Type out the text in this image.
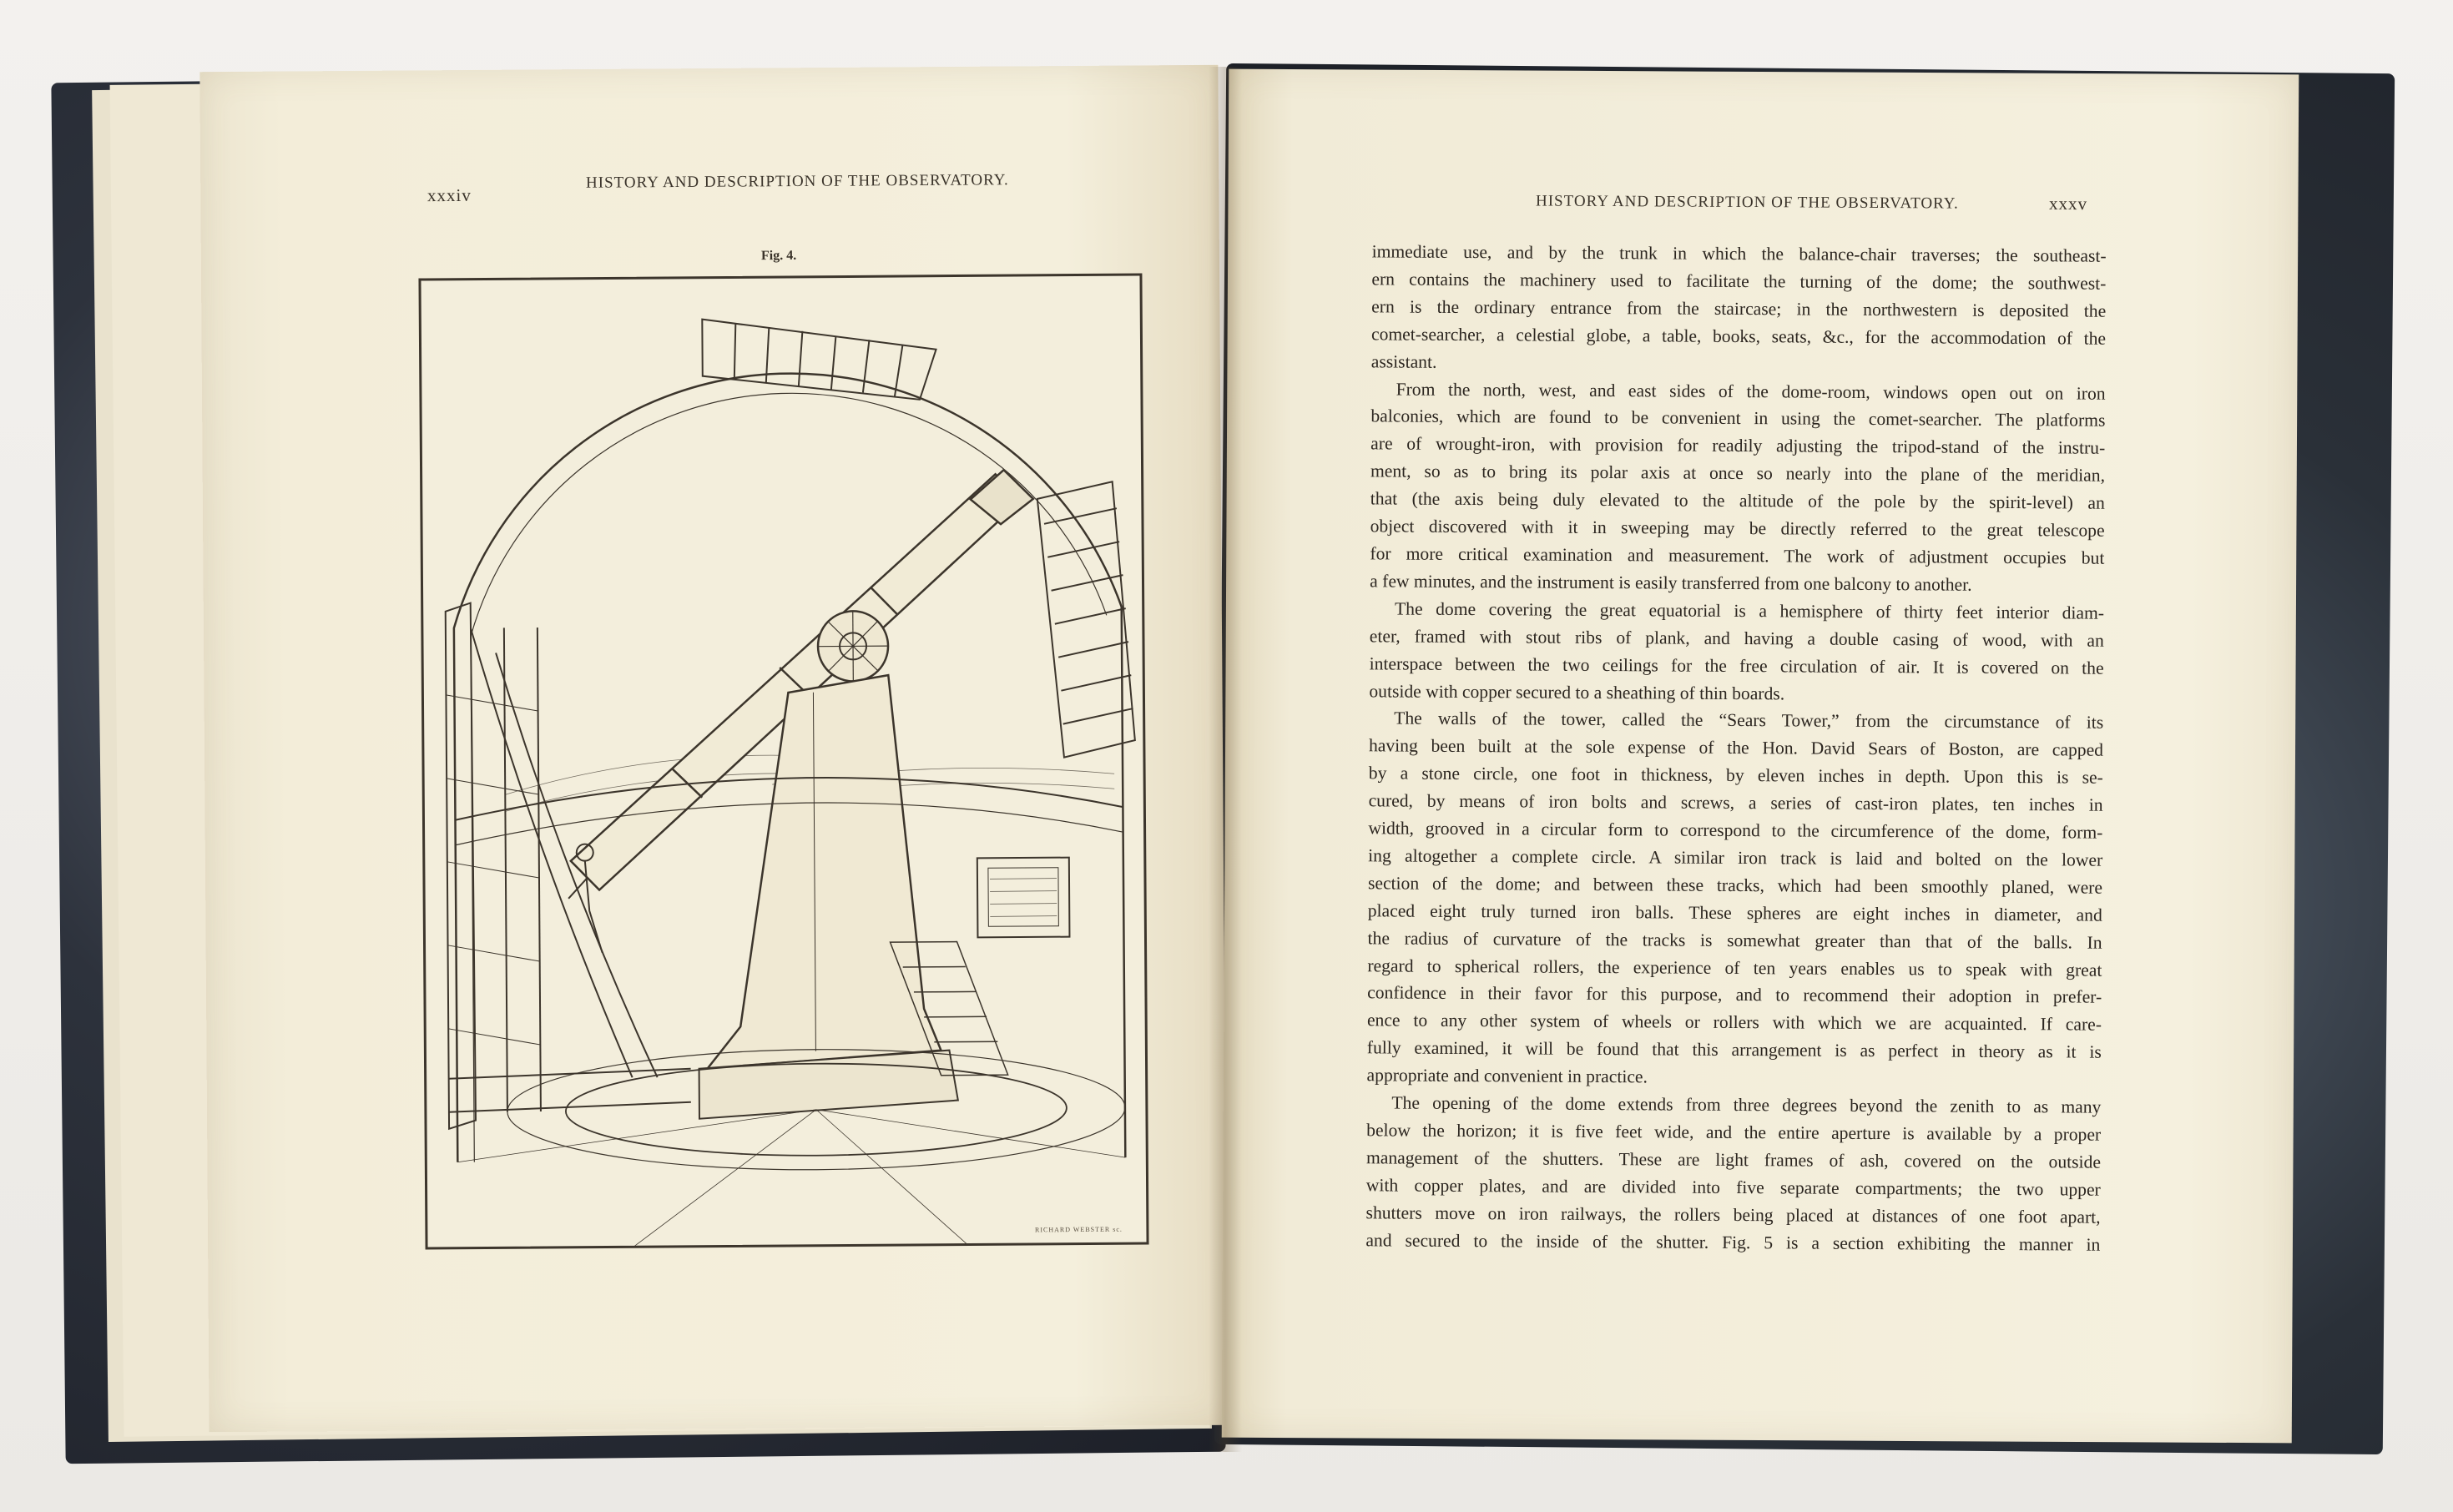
xxxiv
HISTORY AND DESCRIPTION OF THE OBSERVATORY.
Fig. 4.
RICHARD WEBSTER sc.
HISTORY AND DESCRIPTION OF THE OBSERVATORY.	xxxv
immediate use, and by the trunk in which the balance-chair traverses; the southeast-
ern contains the machinery used to facilitate the turning of the dome; the southwest-
ern is the ordinary entrance from the staircase; in the northwestern is deposited the
comet-searcher, a celestial globe, a table, books, seats, &c., for the accommodation of the
assistant.
From the north, west, and east sides of the dome-room, windows open out on iron
balconies, which are found to be convenient in using the comet-searcher. The platforms
are of wrought-iron, with provision for readily adjusting the tripod-stand of the instru-
ment, so as to bring its polar axis at once so nearly into the plane of the meridian,
that (the axis being duly elevated to the altitude of the pole by the spirit-level) an
object discovered with it in sweeping may be directly referred to the great telescope
for more critical examination and measurement. The work of adjustment occupies but
a few minutes, and the instrument is easily transferred from one balcony to another.
The dome covering the great equatorial is a hemisphere of thirty feet interior diam-
eter, framed with stout ribs of plank, and having a double casing of wood, with an
interspace between the two ceilings for the free circulation of air. It is covered on the
outside with copper secured to a sheathing of thin boards.
The walls of the tower, called the “Sears Tower,” from the circumstance of its
having been built at the sole expense of the Hon. David Sears of Boston, are capped
by a stone circle, one foot in thickness, by eleven inches in depth. Upon this is se-
cured, by means of iron bolts and screws, a series of cast-iron plates, ten inches in
width, grooved in a circular form to correspond to the circumference of the dome, form-
ing altogether a complete circle. A similar iron track is laid and bolted on the lower
section of the dome; and between these tracks, which had been smoothly planed, were
placed eight truly turned iron balls. These spheres are eight inches in diameter, and
the radius of curvature of the tracks is somewhat greater than that of the balls. In
regard to spherical rollers, the experience of ten years enables us to speak with great
confidence in their favor for this purpose, and to recommend their adoption in prefer-
ence to any other system of wheels or rollers with which we are acquainted. If care-
fully examined, it will be found that this arrangement is as perfect in theory as it is
appropriate and convenient in practice.
The opening of the dome extends from three degrees beyond the zenith to as many
below the horizon; it is five feet wide, and the entire aperture is available by a proper
management of the shutters. These are light frames of ash, covered on the outside
with copper plates, and are divided into five separate compartments; the two upper
shutters move on iron railways, the rollers being placed at distances of one foot apart,
and secured to the inside of the shutter. Fig. 5 is a section exhibiting the manner in
